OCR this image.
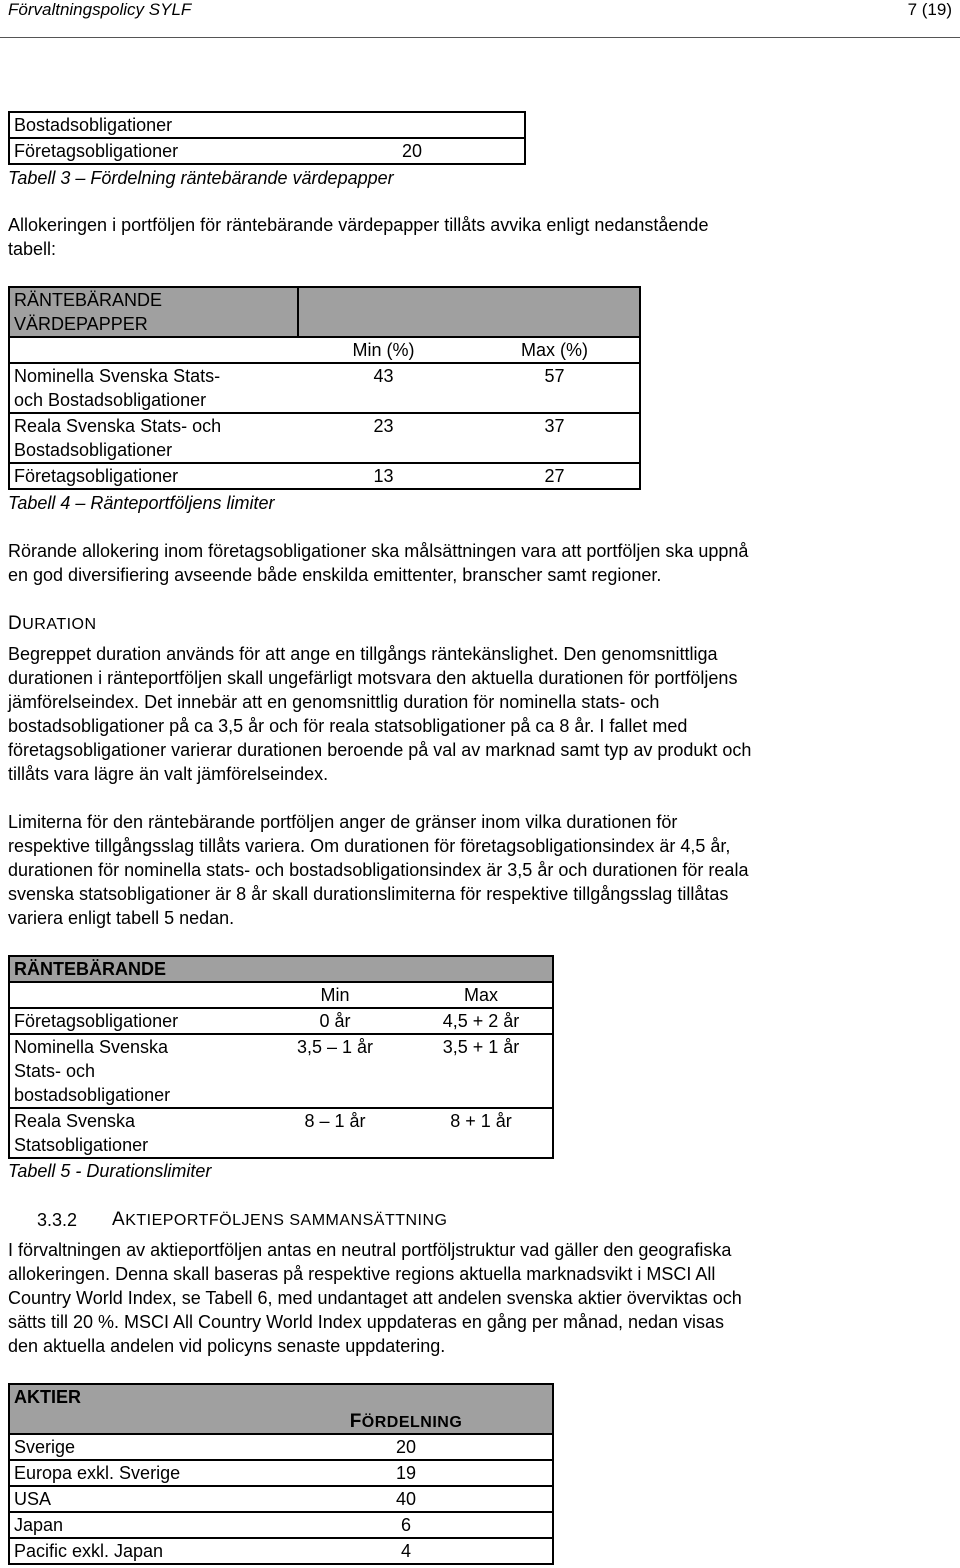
Förvaltningspolicy SYLF	7 (19)
Bostadsobligationer
Företagsobligationer	20
Tabell 3 – Fördelning räntebärande värdepapper
Allokeringen i portföljen för räntebärande värdepapper tillåts avvika enligt nedanstående
tabell:
RÄNTEBÄRANDE
VÄRDEPAPPER
Min (%)	Max (%)
Nominella Svenska Stats-
och Bostadsobligationer
43	57
Reala Svenska Stats- och
Bostadsobligationer
23	37
Företagsobligationer	13	27
Tabell 4 – Ränteportföljens limiter
Rörande allokering inom företagsobligationer ska målsättningen vara att portföljen ska uppnå
en god diversifiering avseende både enskilda emittenter, branscher samt regioner.
DURATION
Begreppet duration används för att ange en tillgångs räntekänslighet. Den genomsnittliga
durationen i ränteportföljen skall ungefärligt motsvara den aktuella durationen för portföljens
jämförelseindex. Det innebär att en genomsnittlig duration för nominella stats- och
bostadsobligationer på ca 3,5 år och för reala statsobligationer på ca 8 år. I fallet med
företagsobligationer varierar durationen beroende på val av marknad samt typ av produkt och
tillåts vara lägre än valt jämförelseindex.
Limiterna för den räntebärande portföljen anger de gränser inom vilka durationen för
respektive tillgångsslag tillåts variera. Om durationen för företagsobligationsindex är 4,5 år,
durationen för nominella stats- och bostadsobligationsindex är 3,5 år och durationen för reala
svenska statsobligationer är 8 år skall durationslimiterna för respektive tillgångsslag tillåtas
variera enligt tabell 5 nedan.
RÄNTEBÄRANDE

Min	Max
Företagsobligationer	0 år	4,5 + 2 år
Nominella Svenska
Stats- och
bostadsobligationer
3,5 – 1 år	3,5 + 1 år
Reala Svenska
Statsobligationer
8 – 1 år	8 + 1 år
Tabell 5 - Durationslimiter
3.3.2 AKTIEPORTFÖLJENS SAMMANSÄTTNING
I förvaltningen av aktieportföljen antas en neutral portföljstruktur vad gäller den geografiska
allokeringen. Denna skall baseras på respektive regions aktuella marknadsvikt i MSCI All
Country World Index, se Tabell 6, med undantaget att andelen svenska aktier överviktas och
sätts till 20 %. MSCI All Country World Index uppdateras en gång per månad, nedan visas
den aktuella andelen vid policyns senaste uppdatering.
AKTIER

FÖRDELNING

Sverige	20
Europa exkl. Sverige	19
USA	40
Japan	6
Pacific exkl. Japan	4
